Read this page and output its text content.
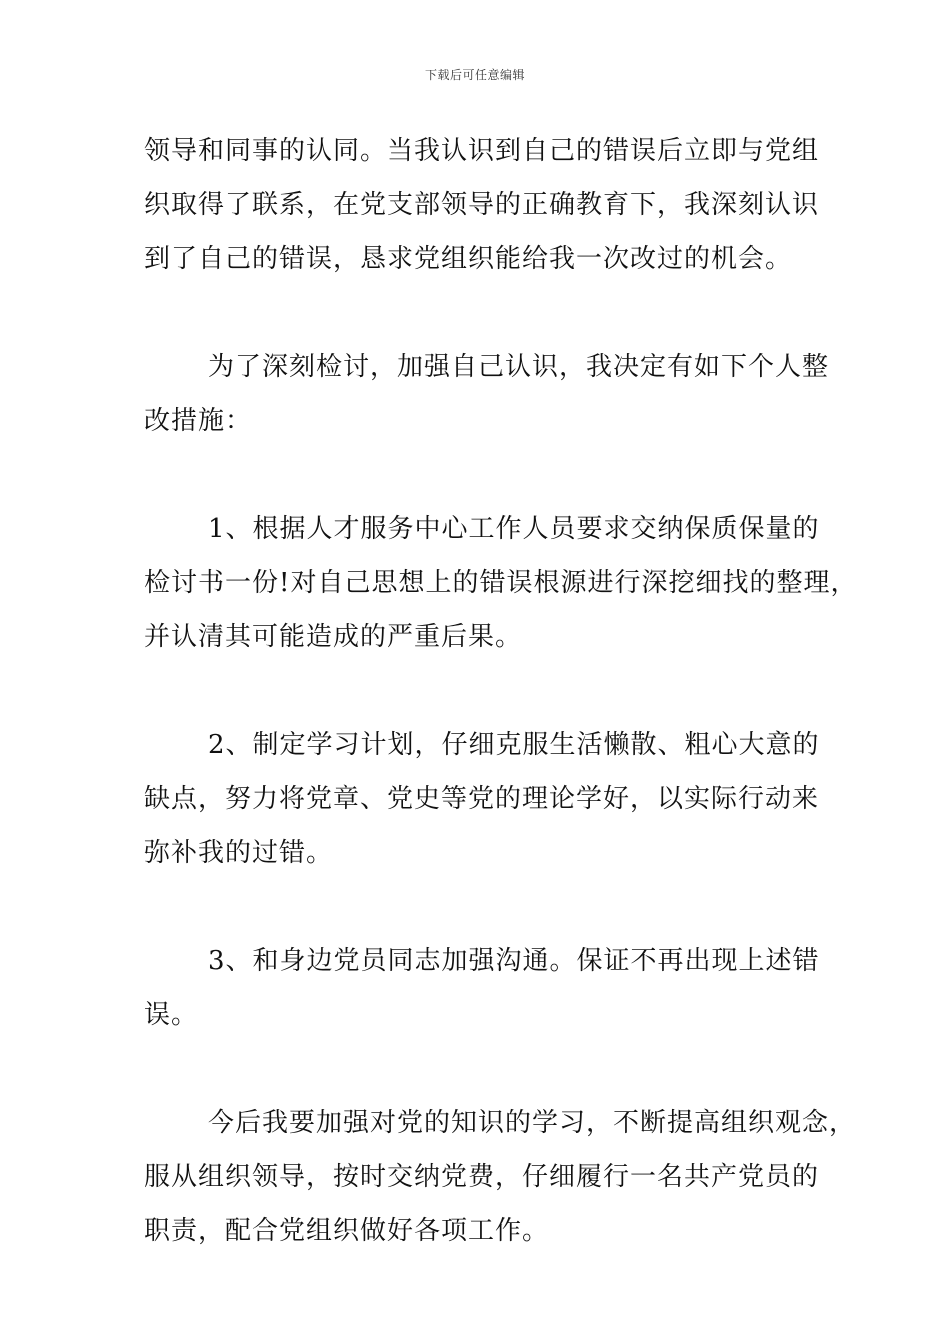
下载后可任意编辑
领导和同事的认同。当我认识到自己的错误后立即与党组
织取得了联系，在党支部领导的正确教育下，我深刻认识
到了自己的错误，恳求党组织能给我一次改过的机会。
为了深刻检讨，加强自己认识，我决定有如下个人整
改措施：
1、根据人才服务中心工作人员要求交纳保质保量的
检讨书一份!对自己思想上的错误根源进行深挖细找的整理，
并认清其可能造成的严重后果。
2、制定学习计划，仔细克服生活懒散、粗心大意的
缺点，努力将党章、党史等党的理论学好，以实际行动来
弥补我的过错。
3、和身边党员同志加强沟通。保证不再出现上述错
误。
今后我要加强对党的知识的学习，不断提高组织观念，
服从组织领导，按时交纳党费，仔细履行一名共产党员的
职责，配合党组织做好各项工作。
